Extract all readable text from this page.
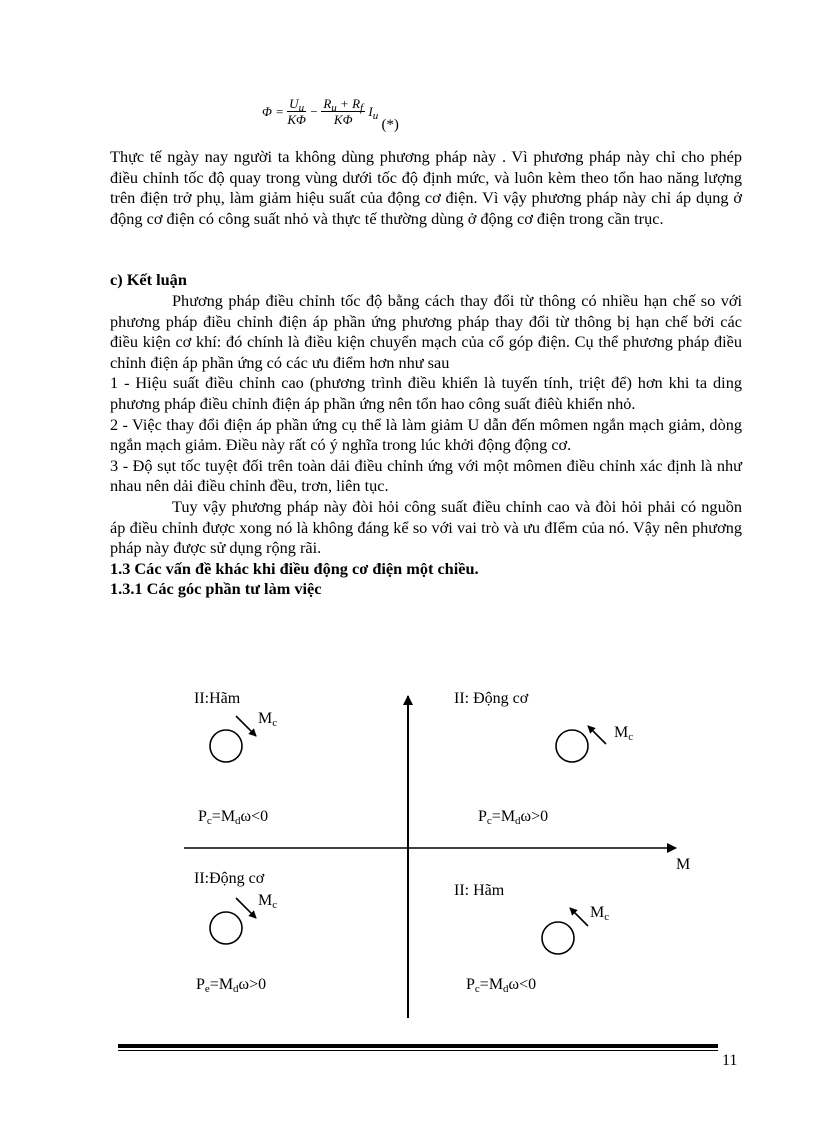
$\Phi = \frac{U_u}{K\Phi} - \frac{R_u + R_f}{K\Phi} I_u$ (*)

Thực tế ngày nay người ta không dùng phương pháp này . Vì phương pháp này chỉ cho phép điều chỉnh tốc độ quay trong vùng dưới tốc độ định mức, và luôn kèm theo tổn hao năng lượng trên điện trở phụ, làm giảm hiệu suất của động cơ điện. Vì vậy phương pháp này chỉ áp dụng ở động cơ điện có công suất nhỏ và thực tế thường dùng ở động cơ điện trong cần trục.

c) Kết luận

Phương pháp điều chỉnh tốc độ bằng cách thay đổi từ thông có nhiều hạn chế so với phương pháp điều chỉnh điện áp phần ứng phương pháp thay đổi từ thông bị hạn chế bởi các điều kiện cơ khí: đó chính là điều kiện chuyển mạch của cổ góp điện. Cụ thể phương pháp điều chỉnh điện áp phần ứng có các ưu điểm hơn như sau

1 - Hiệu suất điều chỉnh cao (phương trình điều khiển là tuyến tính, triệt để) hơn khi ta ding phương pháp điều chỉnh điện áp phần ứng nên tổn hao công suất điêù khiển nhỏ.

2 - Việc thay đổi điện áp phần ứng cụ thể là làm giảm U dẫn đến mômen ngắn mạch giảm, dòng ngắn mạch giảm. Điều này rất có ý nghĩa trong lúc khởi động động cơ.

3 - Độ sụt tốc tuyệt đối trên toàn dải điều chỉnh ứng với một mômen điều chỉnh xác định là như nhau nên dải điều chỉnh đều, trơn, liên tục.

Tuy vậy phương pháp này đòi hỏi công suất điều chỉnh cao và đòi hỏi phải có nguồn áp điều chỉnh được xong nó là không đáng kể so với vai trò và ưu đIểm của nó. Vậy nên phương pháp này được sử dụng rộng rãi.

1.3 Các vấn đề khác khi điều động cơ điện một chiều.

1.3.1 Các góc phần tư làm việc

M
II:Hãm
$M_c$
$P_c=M_d\omega<0$
II: Động cơ
$M_c$
$P_c=M_d\omega>0$
II:Động cơ
$M_c$
$P_e=M_d\omega>0$
II: Hãm
$M_c$
$P_c=M_d\omega<0$
11
